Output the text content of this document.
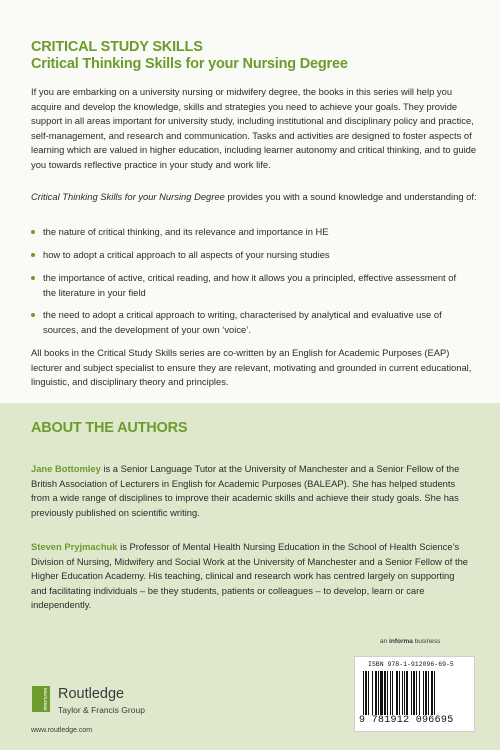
CRITICAL STUDY SKILLS
Critical Thinking Skills for your Nursing Degree
If you are embarking on a university nursing or midwifery degree, the books in this series will help you acquire and develop the knowledge, skills and strategies you need to achieve your goals. They provide support in all areas important for university study, including institutional and disciplinary policy and practice, self-management, and research and communication. Tasks and activities are designed to foster aspects of learning which are valued in higher education, including learner autonomy and critical thinking, and to guide you towards reflective practice in your study and work life.
Critical Thinking Skills for your Nursing Degree provides you with a sound knowledge and understanding of:
the nature of critical thinking, and its relevance and importance in HE
how to adopt a critical approach to all aspects of your nursing studies
the importance of active, critical reading, and how it allows you a principled, effective assessment of the literature in your field
the need to adopt a critical approach to writing, characterised by analytical and evaluative use of sources, and the development of your own ‘voice’.
All books in the Critical Study Skills series are co-written by an English for Academic Purposes (EAP) lecturer and subject specialist to ensure they are relevant, motivating and grounded in current educational, linguistic, and disciplinary theory and principles.
ABOUT THE AUTHORS
Jane Bottomley is a Senior Language Tutor at the University of Manchester and a Senior Fellow of the British Association of Lecturers in English for Academic Purposes (BALEAP). She has helped students from a wide range of disciplines to improve their academic skills and achieve their study goals. She has previously published on scientific writing.
Steven Pryjmachuk is Professor of Mental Health Nursing Education in the School of Health Science’s Division of Nursing, Midwifery and Social Work at the University of Manchester and a Senior Fellow of the Higher Education Academy. His teaching, clinical and research work has centred largely on supporting and facilitating individuals – be they students, patients or colleagues – to develop, learn or care independently.
an informa business
ISBN 978-1-912096-69-5
9 781912 096695
ROUTLEDGE Routledge
Taylor & Francis Group
www.routledge.com
